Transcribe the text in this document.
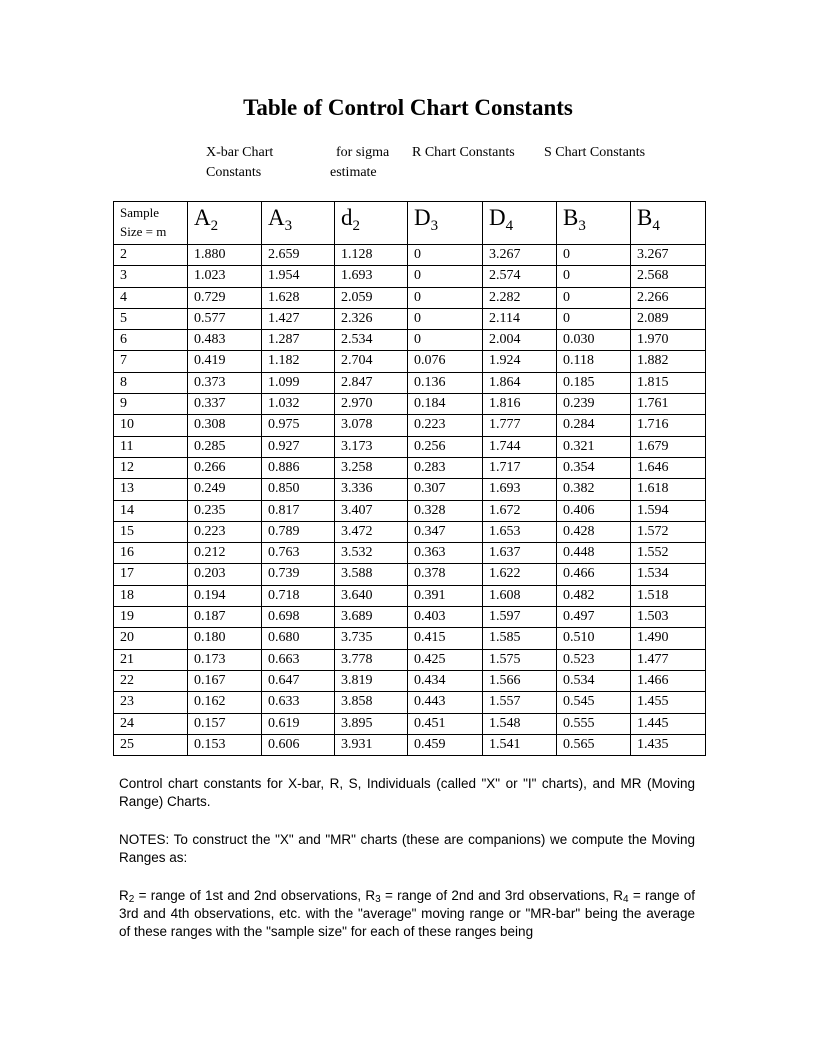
Table of Control Chart Constants
X-bar Chart
Constants
for sigma
estimate
R Chart Constants	S Chart Constants
Sample
Size = m	$A_2$	$A_3$	$d_2$	$D_3$	$D_4$	$B_3$	$B_4$
2	1.880	2.659	1.128	0	3.267	0	3.267
3	1.023	1.954	1.693	0	2.574	0	2.568
4	0.729	1.628	2.059	0	2.282	0	2.266
5	0.577	1.427	2.326	0	2.114	0	2.089
6	0.483	1.287	2.534	0	2.004	0.030	1.970
7	0.419	1.182	2.704	0.076	1.924	0.118	1.882
8	0.373	1.099	2.847	0.136	1.864	0.185	1.815
9	0.337	1.032	2.970	0.184	1.816	0.239	1.761
10	0.308	0.975	3.078	0.223	1.777	0.284	1.716
11	0.285	0.927	3.173	0.256	1.744	0.321	1.679
12	0.266	0.886	3.258	0.283	1.717	0.354	1.646
13	0.249	0.850	3.336	0.307	1.693	0.382	1.618
14	0.235	0.817	3.407	0.328	1.672	0.406	1.594
15	0.223	0.789	3.472	0.347	1.653	0.428	1.572
16	0.212	0.763	3.532	0.363	1.637	0.448	1.552
17	0.203	0.739	3.588	0.378	1.622	0.466	1.534
18	0.194	0.718	3.640	0.391	1.608	0.482	1.518
19	0.187	0.698	3.689	0.403	1.597	0.497	1.503
20	0.180	0.680	3.735	0.415	1.585	0.510	1.490
21	0.173	0.663	3.778	0.425	1.575	0.523	1.477
22	0.167	0.647	3.819	0.434	1.566	0.534	1.466
23	0.162	0.633	3.858	0.443	1.557	0.545	1.455
24	0.157	0.619	3.895	0.451	1.548	0.555	1.445
25	0.153	0.606	3.931	0.459	1.541	0.565	1.435
Control chart constants for X-bar, R, S, Individuals (called "X" or "I" charts), and MR (Moving Range) Charts.
NOTES: To construct the "X" and "MR" charts (these are companions) we compute the Moving Ranges as:
$R_2$ = range of 1st and 2nd observations, $R_3$ = range of 2nd and 3rd observations, $R_4$ = range of 3rd and 4th observations, etc. with the "average" moving range or "MR-bar" being the average of these ranges with the "sample size" for each of these ranges being
